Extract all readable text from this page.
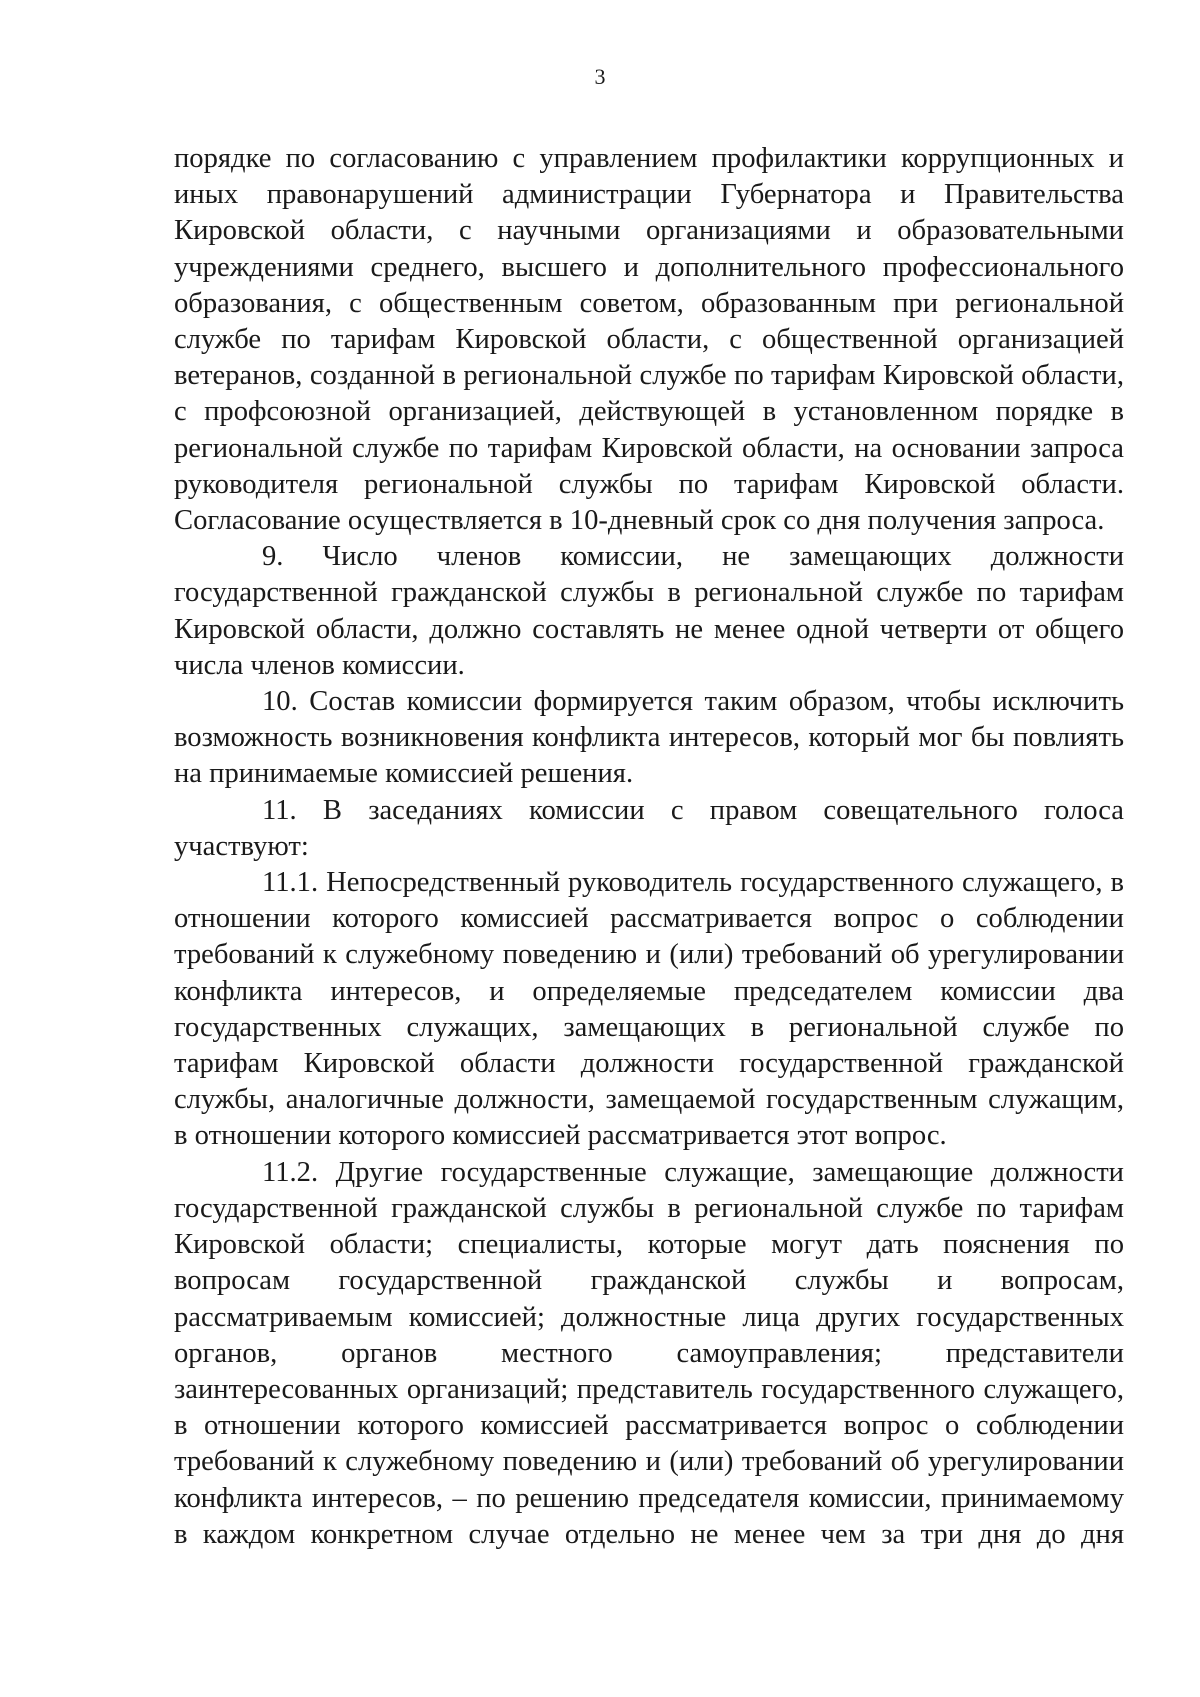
3

порядке по согласованию с управлением профилактики коррупционных и иных правонарушений администрации Губернатора и Правительства Кировской области, с научными организациями и образовательными учреждениями среднего, высшего и дополнительного профессионального образования, с общественным советом, образованным при региональной службе по тарифам Кировской области, с общественной организацией ветеранов, созданной в региональной службе по тарифам Кировской области, с профсоюзной организацией, действующей в установленном порядке в региональной службе по тарифам Кировской области, на основании запроса руководителя региональной службы по тарифам Кировской области. Согласование осуществляется в 10-дневный срок со дня получения запроса.

9. Число членов комиссии, не замещающих должности государственной гражданской службы в региональной службе по тарифам Кировской области, должно составлять не менее одной четверти от общего числа членов комиссии.

10. Состав комиссии формируется таким образом, чтобы исключить возможность возникновения конфликта интересов, который мог бы повлиять на принимаемые комиссией решения.

11. В заседаниях комиссии с правом совещательного голоса участвуют:

11.1. Непосредственный руководитель государственного служащего, в отношении которого комиссией рассматривается вопрос о соблюдении требований к служебному поведению и (или) требований об урегулировании конфликта интересов, и определяемые председателем комиссии два государственных служащих, замещающих в региональной службе по тарифам Кировской области должности государственной гражданской службы, аналогичные должности, замещаемой государственным служащим, в отношении которого комиссией рассматривается этот вопрос.

11.2. Другие государственные служащие, замещающие должности государственной гражданской службы в региональной службе по тарифам Кировской области; специалисты, которые могут дать пояснения по вопросам государственной гражданской службы и вопросам, рассматриваемым комиссией; должностные лица других государственных органов, органов местного самоуправления; представители заинтересованных организаций; представитель государственного служащего, в отношении которого комиссией рассматривается вопрос о соблюдении требований к служебному поведению и (или) требований об урегулировании конфликта интересов, – по решению председателя комиссии, принимаемому в каждом конкретном случае отдельно не менее чем за три дня до дня
